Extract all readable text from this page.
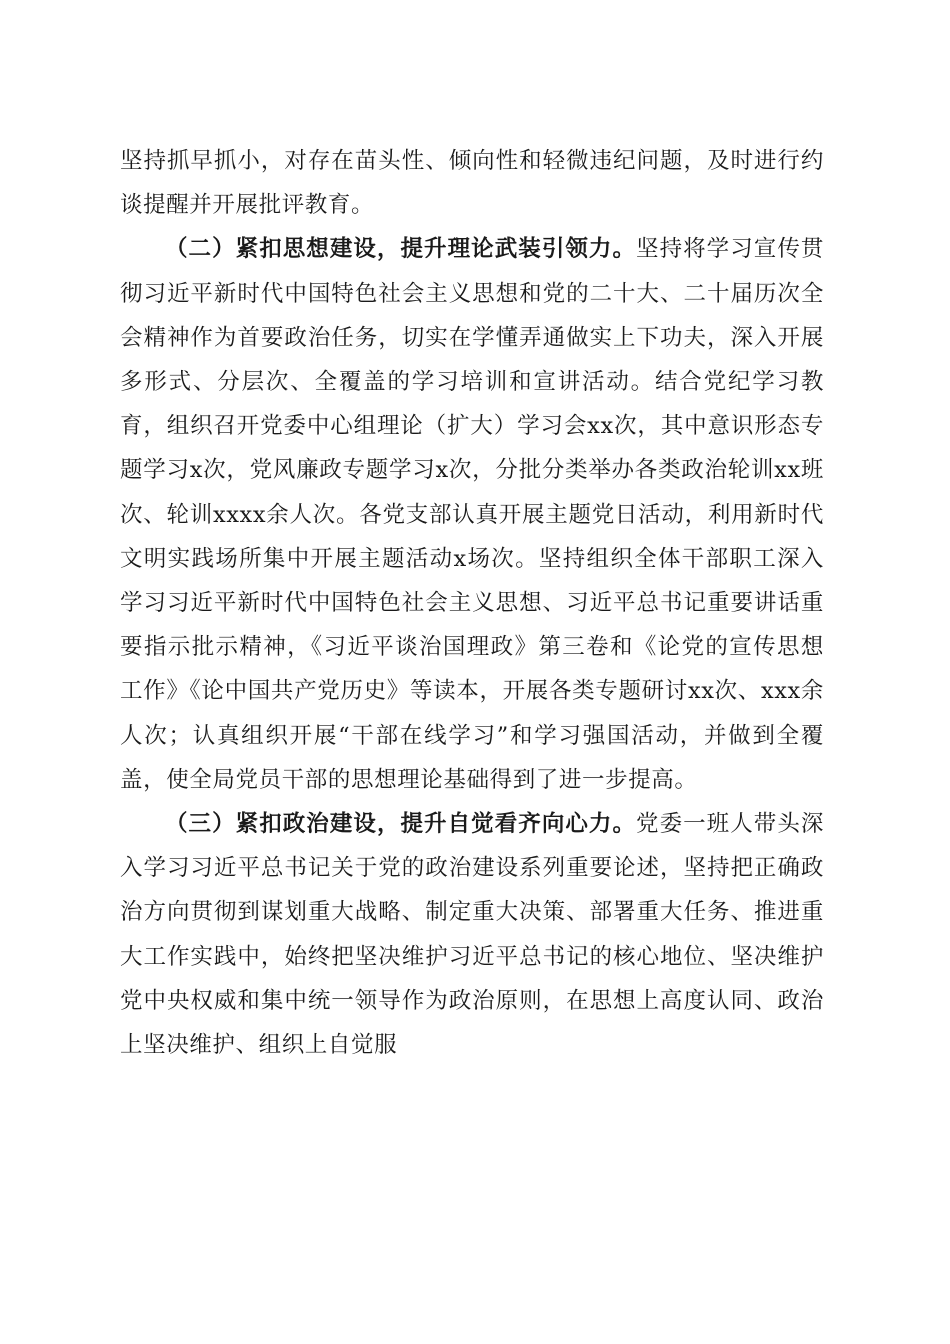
坚持抓早抓小，对存在苗头性、倾向性和轻微违纪问题，及时进行约谈提醒并开展批评教育。

（二）紧扣思想建设，提升理论武装引领力。坚持将学习宣传贯彻习近平新时代中国特色社会主义思想和党的二十大、二十届历次全会精神作为首要政治任务，切实在学懂弄通做实上下功夫，深入开展多形式、分层次、全覆盖的学习培训和宣讲活动。结合党纪学习教育，组织召开党委中心组理论（扩大）学习会xx次，其中意识形态专题学习x次，党风廉政专题学习x次，分批分类举办各类政治轮训xx班次、轮训xxxx余人次。各党支部认真开展主题党日活动，利用新时代文明实践场所集中开展主题活动x场次。坚持组织全体干部职工深入学习习近平新时代中国特色社会主义思想、习近平总书记重要讲话重要指示批示精神，《习近平谈治国理政》第三卷和《论党的宣传思想工作》《论中国共产党历史》等读本，开展各类专题研讨xx次、xxx余人次；认真组织开展“干部在线学习”和学习强国活动，并做到全覆盖，使全局党员干部的思想理论基础得到了进一步提高。

（三）紧扣政治建设，提升自觉看齐向心力。党委一班人带头深入学习习近平总书记关于党的政治建设系列重要论述，坚持把正确政治方向贯彻到谋划重大战略、制定重大决策、部署重大任务、推进重大工作实践中，始终把坚决维护习近平总书记的核心地位、坚决维护党中央权威和集中统一领导作为政治原则，在思想上高度认同、政治上坚决维护、组织上自觉服
